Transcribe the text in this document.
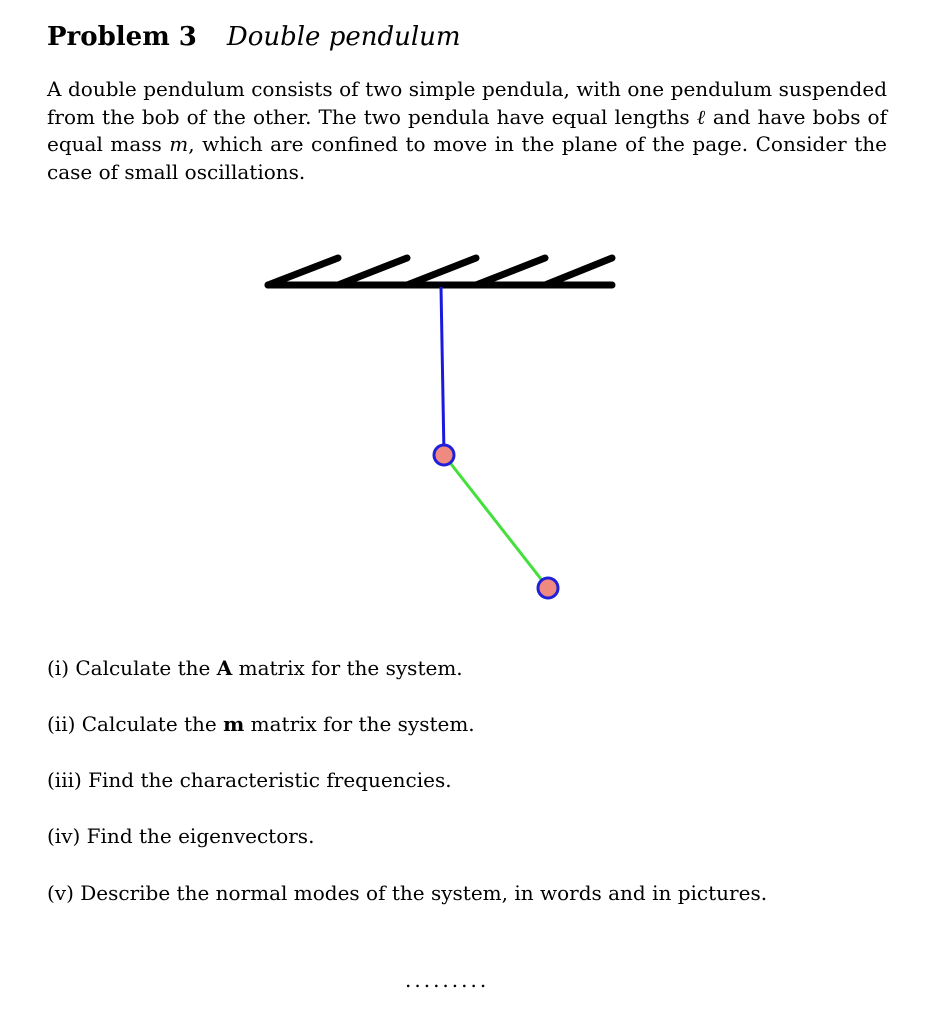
Problem 3 Double pendulum
A double pendulum consists of two simple pendula, with one pendulum suspended from the bob of the other. The two pendula have equal lengths ℓ and have bobs of equal mass m, which are confined to move in the plane of the page. Consider the case of small oscillations.
(i) Calculate the A matrix for the system.
(ii) Calculate the m matrix for the system.
(iii) Find the characteristic frequencies.
(iv) Find the eigenvectors.
(v) Describe the normal modes of the system, in words and in pictures.
.........
